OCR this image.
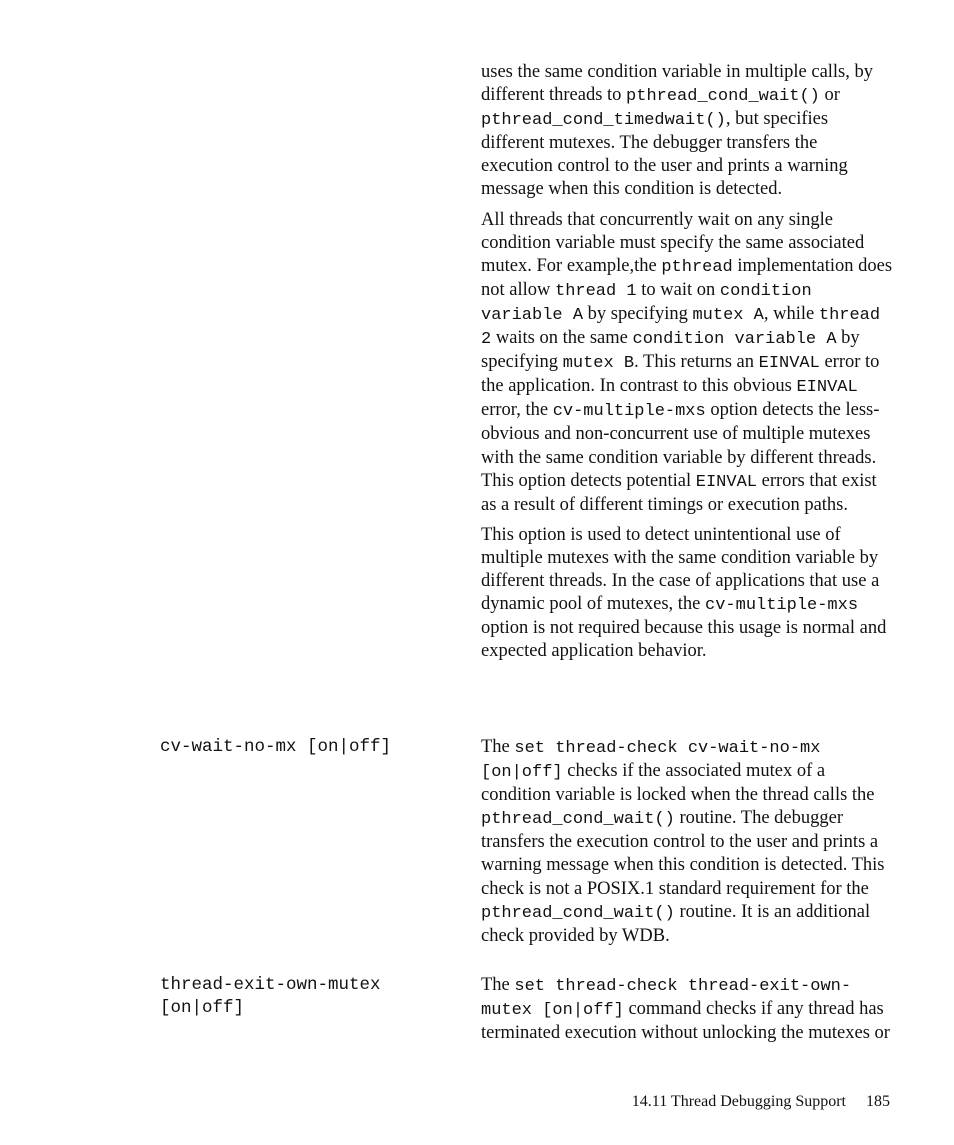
uses the same condition variable in multiple calls, by different threads to pthread_cond_wait() or pthread_cond_timedwait(), but specifies different mutexes. The debugger transfers the execution control to the user and prints a warning message when this condition is detected.

All threads that concurrently wait on any single condition variable must specify the same associated mutex. For example,the pthread implementation does not allow thread 1 to wait on condition variable A by specifying mutex A, while thread 2 waits on the same condition variable A by specifying mutex B. This returns an EINVAL error to the application. In contrast to this obvious EINVAL error, the cv-multiple-mxs option detects the less-obvious and non-concurrent use of multiple mutexes with the same condition variable by different threads. This option detects potential EINVAL errors that exist as a result of different timings or execution paths.

This option is used to detect unintentional use of multiple mutexes with the same condition variable by different threads. In the case of applications that use a dynamic pool of mutexes, the cv-multiple-mxs option is not required because this usage is normal and expected application behavior.

cv-wait-no-mx [on|off]	The set thread-check cv-wait-no-mx [on|off] checks if the associated mutex of a condition variable is locked when the thread calls the pthread_cond_wait() routine. The debugger transfers the execution control to the user and prints a warning message when this condition is detected. This check is not a POSIX.1 standard requirement for the pthread_cond_wait() routine. It is an additional check provided by WDB.

thread-exit-own-mutex [on|off]

The set thread-check thread-exit-own-mutex [on|off] command checks if any thread has terminated execution without unlocking the mutexes or

14.11 Thread Debugging Support 185
